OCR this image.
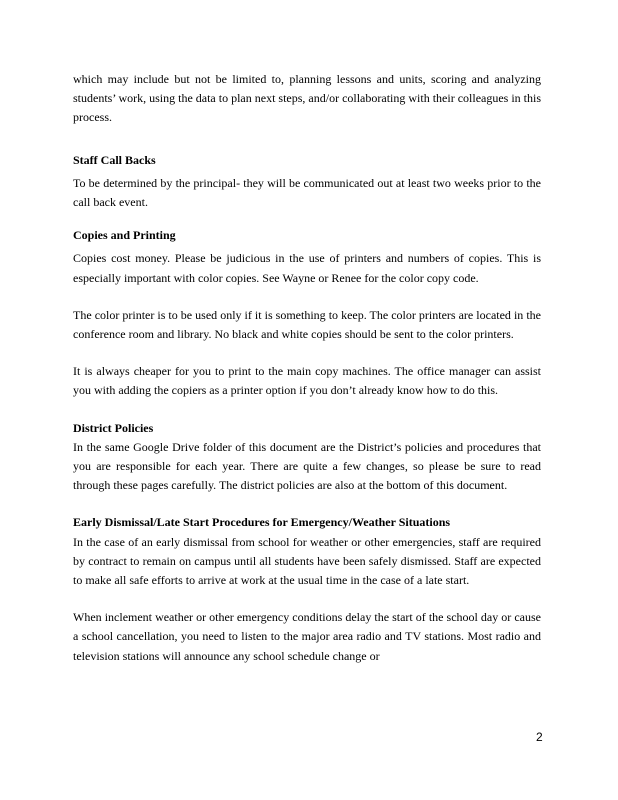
which may include but not be limited to, planning lessons and units, scoring and analyzing students’ work, using the data to plan next steps, and/or collaborating with their colleagues in this process.

Staff Call Backs

To be determined by the principal- they will be communicated out at least two weeks prior to the call back event.

Copies and Printing

Copies cost money. Please be judicious in the use of printers and numbers of copies. This is especially important with color copies. See Wayne or Renee for the color copy code.

The color printer is to be used only if it is something to keep. The color printers are located in the conference room and library. No black and white copies should be sent to the color printers.

It is always cheaper for you to print to the main copy machines. The office manager can assist you with adding the copiers as a printer option if you don’t already know how to do this.

District Policies

In the same Google Drive folder of this document are the District’s policies and procedures that you are responsible for each year. There are quite a few changes, so please be sure to read through these pages carefully. The district policies are also at the bottom of this document.

Early Dismissal/Late Start Procedures for Emergency/Weather Situations

In the case of an early dismissal from school for weather or other emergencies, staff are required by contract to remain on campus until all students have been safely dismissed. Staff are expected to make all safe efforts to arrive at work at the usual time in the case of a late start.

When inclement weather or other emergency conditions delay the start of the school day or cause a school cancellation, you need to listen to the major area radio and TV stations. Most radio and television stations will announce any school schedule change or

2
